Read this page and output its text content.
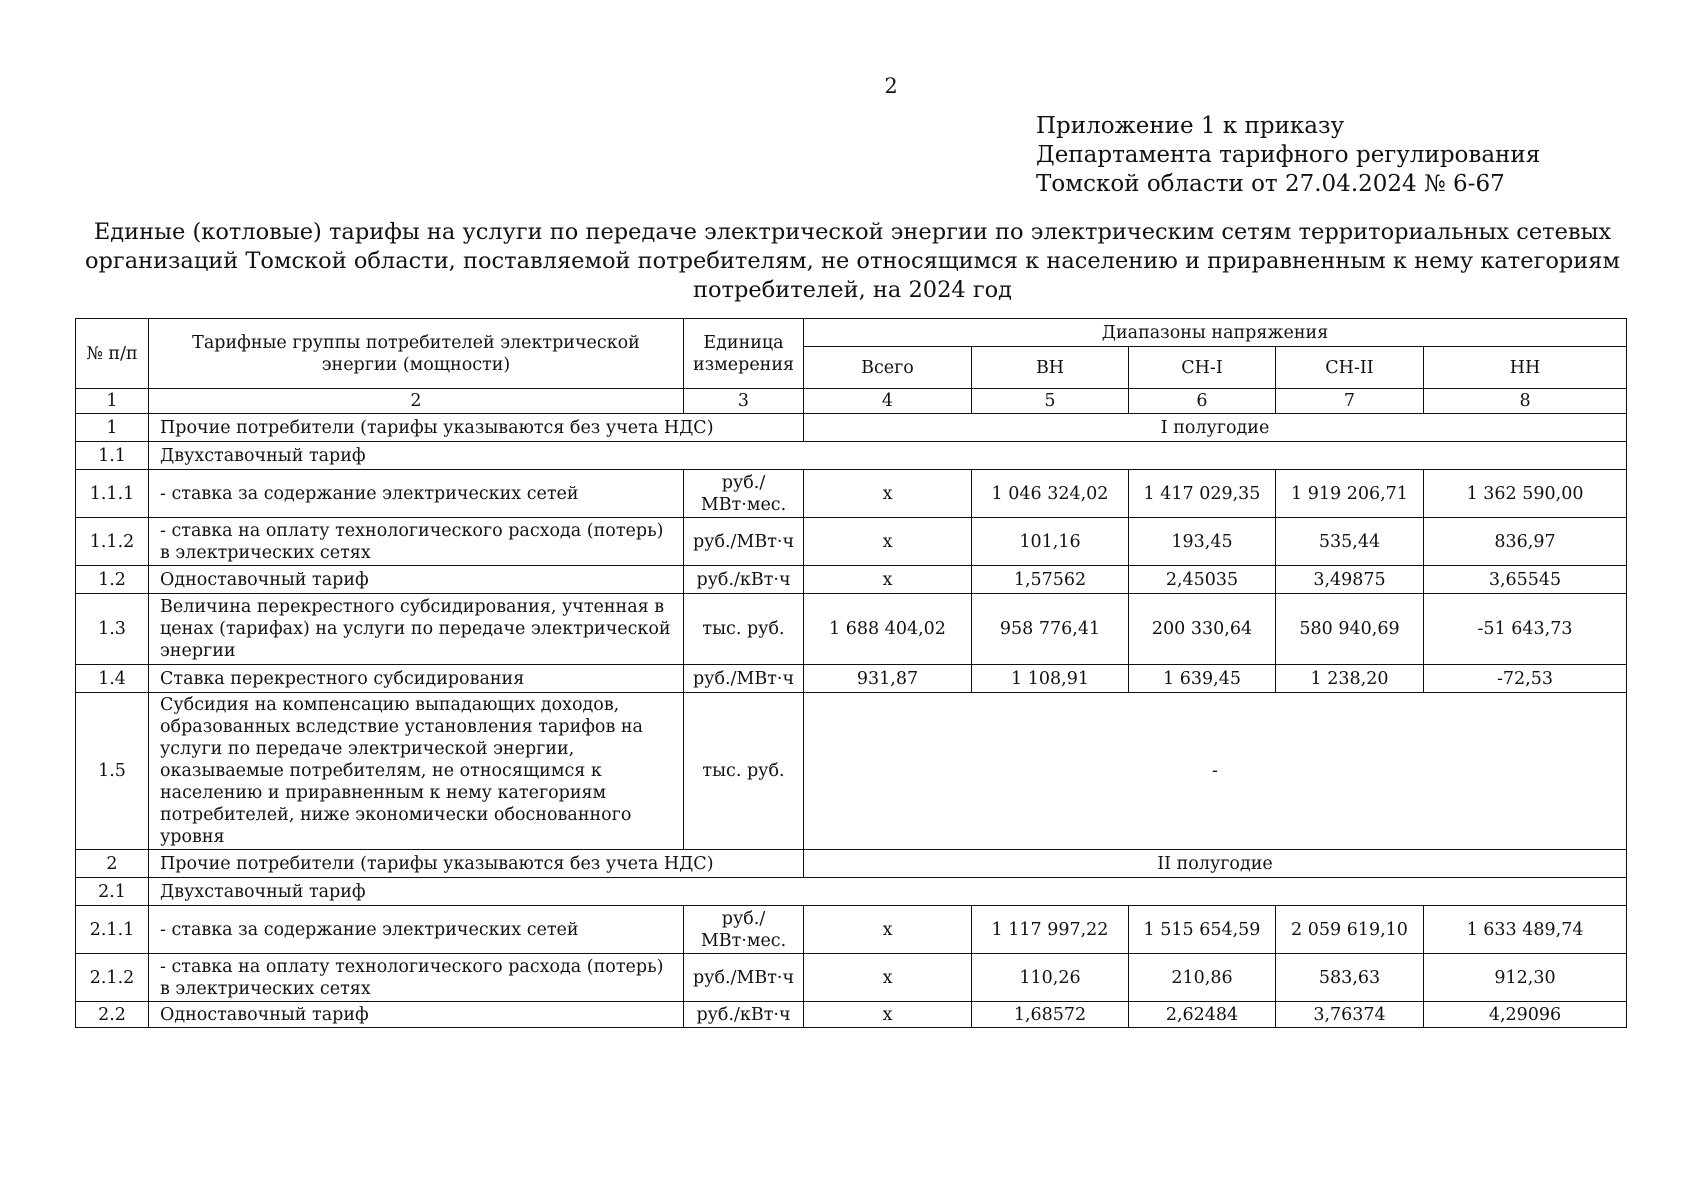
2
Приложение 1 к приказу
Департамента тарифного регулирования
Томской области от 27.04.2024 № 6-67
Единые (котловые) тарифы на услуги по передаче электрической энергии по электрическим сетям территориальных сетевых организаций Томской области, поставляемой потребителям, не относящимся к населению и приравненным к нему категориям потребителей, на 2024 год
№ п/п	Тарифные группы потребителей электрической энергии (мощности)	Единица измерения	Диапазоны напряжения				
			Всего	ВН	СН-I	СН-II	НН
1	2	3	4	5	6	7	8
1	Прочие потребители (тарифы указываются без учета НДС)		I полугодие				
1.1	Двухставочный тариф						
1.1.1	- ставка за содержание электрических сетей	руб./МВт·мес.	х	1 046 324,02	1 417 029,35	1 919 206,71	1 362 590,00
1.1.2	- ставка на оплату технологического расхода (потерь) в электрических сетях	руб./МВт·ч	х	101,16	193,45	535,44	836,97
1.2	Одноставочный тариф	руб./кВт·ч	х	1,57562	2,45035	3,49875	3,65545
1.3	Величина перекрестного субсидирования, учтенная в ценах (тарифах) на услуги по передаче электрической энергии	тыс. руб.	1 688 404,02	958 776,41	200 330,64	580 940,69	-51 643,73
1.4	Ставка перекрестного субсидирования	руб./МВт·ч	931,87	1 108,91	1 639,45	1 238,20	-72,53
1.5	Субсидия на компенсацию выпадающих доходов, образованных вследствие установления тарифов на услуги по передаче электрической энергии, оказываемые потребителям, не относящимся к населению и приравненным к нему категориям потребителей, ниже экономически обоснованного уровня	тыс. руб.	-				
2	Прочие потребители (тарифы указываются без учета НДС)		II полугодие				
2.1	Двухставочный тариф						
2.1.1	- ставка за содержание электрических сетей	руб./МВт·мес.	х	1 117 997,22	1 515 654,59	2 059 619,10	1 633 489,74
2.1.2	- ставка на оплату технологического расхода (потерь) в электрических сетях	руб./МВт·ч	х	110,26	210,86	583,63	912,30
2.2	Одноставочный тариф	руб./кВт·ч	х	1,68572	2,62484	3,76374	4,29096
